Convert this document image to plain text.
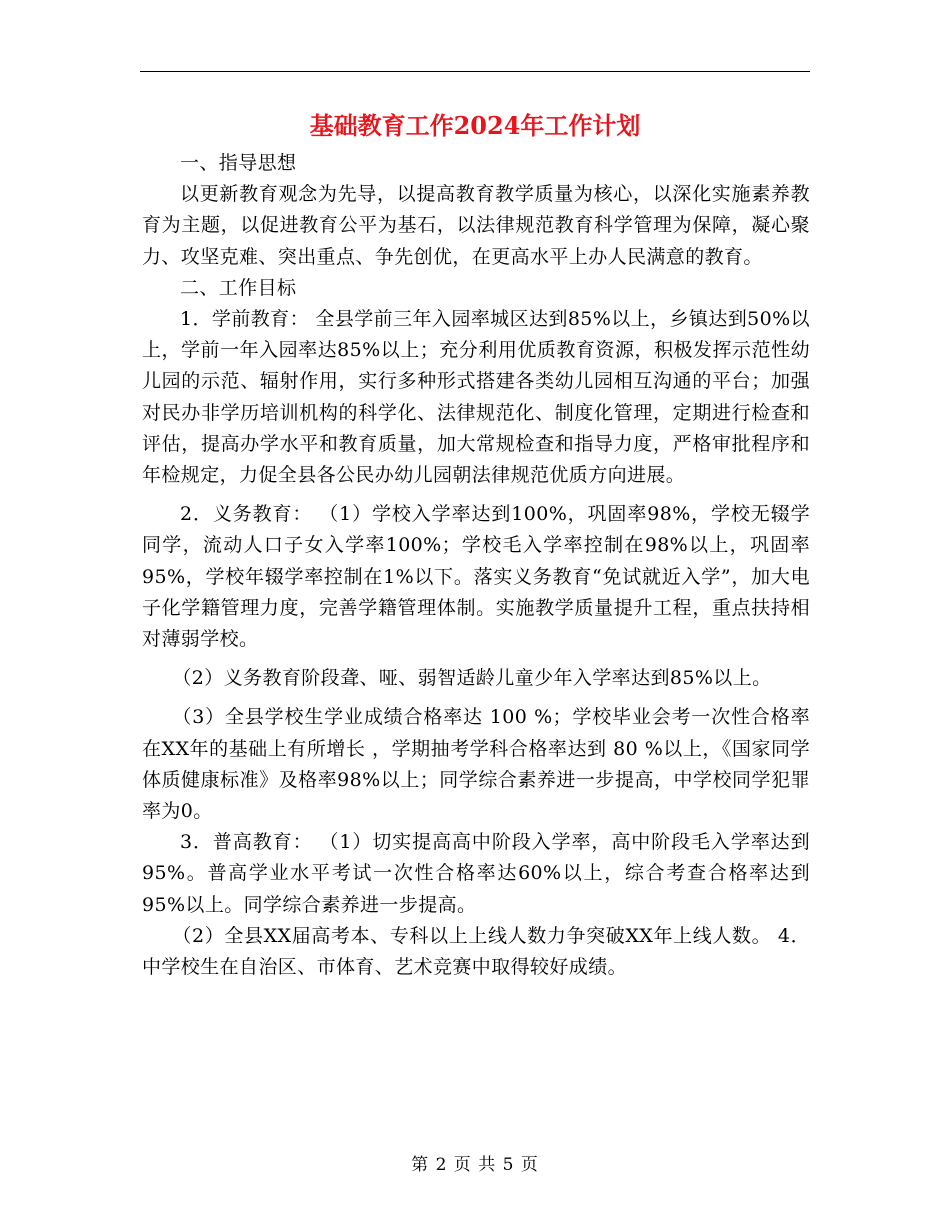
基础教育工作2024年工作计划

一、指导思想

以更新教育观念为先导，以提高教育教学质量为核心，以深化实施素养教育为主题，以促进教育公平为基石，以法律规范教育科学管理为保障，凝心聚力、攻坚克难、突出重点、争先创优，在更高水平上办人民满意的教育。

二、工作目标

1．学前教育： 全县学前三年入园率城区达到85%以上，乡镇达到50%以上，学前一年入园率达85%以上；充分利用优质教育资源，积极发挥示范性幼儿园的示范、辐射作用，实行多种形式搭建各类幼儿园相互沟通的平台；加强对民办非学历培训机构的科学化、法律规范化、制度化管理，定期进行检查和评估，提高办学水平和教育质量，加大常规检查和指导力度，严格审批程序和年检规定，力促全县各公民办幼儿园朝法律规范优质方向进展。

2．义务教育： （1）学校入学率达到100%，巩固率98%，学校无辍学同学，流动人口子女入学率100%；学校毛入学率控制在98%以上，巩固率95%，学校年辍学率控制在1%以下。落实义务教育“免试就近入学”，加大电子化学籍管理力度，完善学籍管理体制。实施教学质量提升工程，重点扶持相对薄弱学校。

（2）义务教育阶段聋、哑、弱智适龄儿童少年入学率达到85%以上。

（3）全县学校生学业成绩合格率达 100 %；学校毕业会考一次性合格率在XX年的基础上有所增长 ，学期抽考学科合格率达到 80 %以上，《国家同学体质健康标准》及格率98%以上；同学综合素养进一步提高，中学校同学犯罪率为0。

3．普高教育： （1）切实提高高中阶段入学率，高中阶段毛入学率达到95%。普高学业水平考试一次性合格率达60%以上，综合考查合格率达到95%以上。同学综合素养进一步提高。

（2）全县XX届高考本、专科以上上线人数力争突破XX年上线人数。 4．中学校生在自治区、市体育、艺术竞赛中取得较好成绩。

第 2 页 共 5 页
